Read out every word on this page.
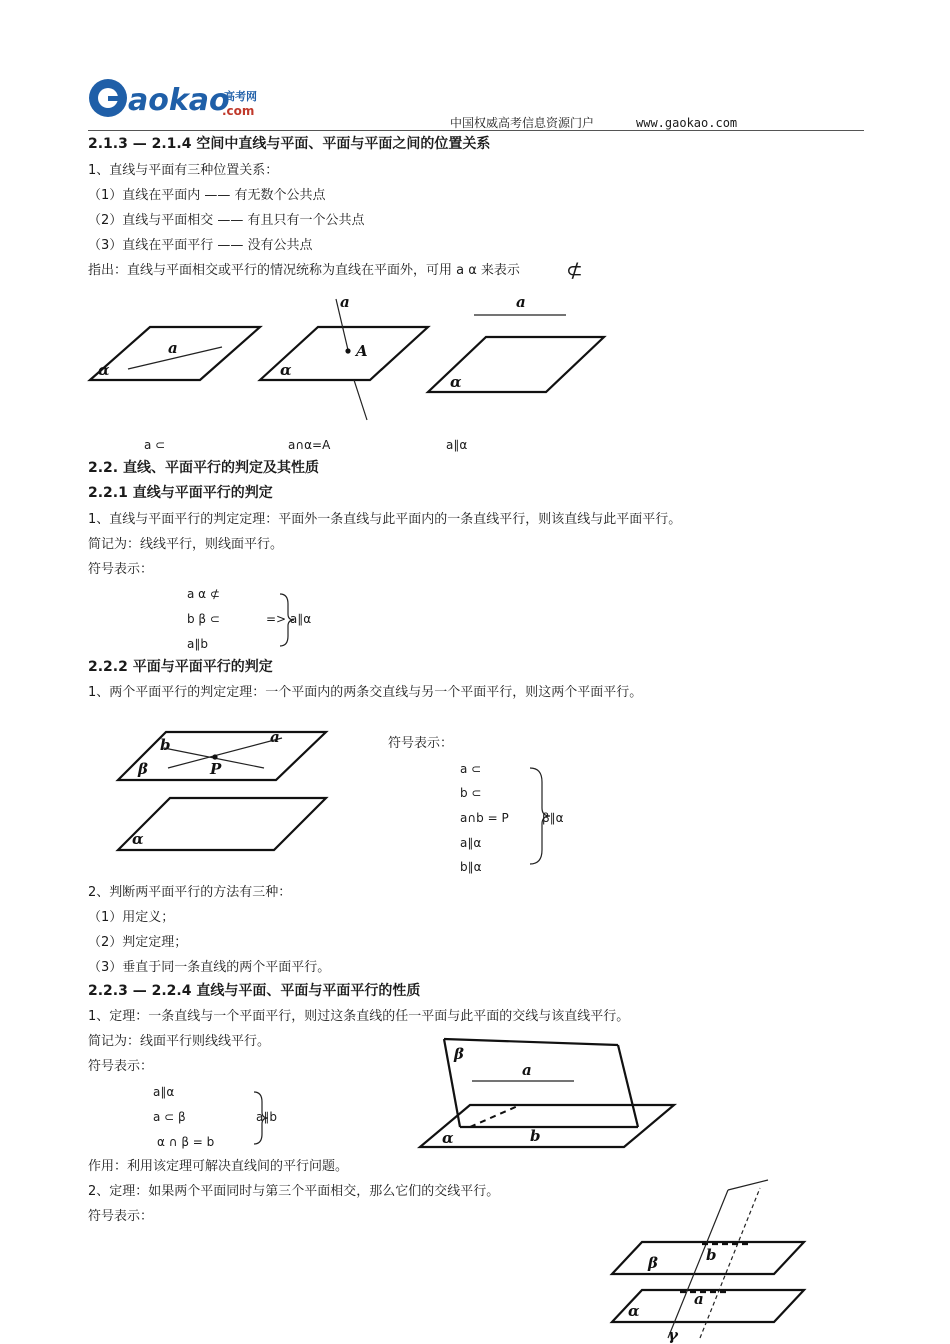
aokao
高考网
.com
中国权威高考信息资源门户	www.gaokao.com
2.1.3 — 2.1.4 空间中直线与平面、平面与平面之间的位置关系
1、直线与平面有三种位置关系：
（1）直线在平面内 —— 有无数个公共点
（2）直线与平面相交 —— 有且只有一个公共点
（3）直线在平面平行 —— 没有公共点
指出：直线与平面相交或平行的情况统称为直线在平面外，可用 a α 来表示 ⊄
a
α
a
A
α
a
α
a ⊂	a∩α=A	a∥α
2.2. 直线、平面平行的判定及其性质
2.2.1 直线与平面平行的判定
1、直线与平面平行的判定定理：平面外一条直线与此平面内的一条直线平行，则该直线与此平面平行。
简记为：线线平行，则线面平行。
符号表示：
a α ⊄
b β ⊂
a∥b
=> a∥α
2.2.2 平面与平面平行的判定
1、两个平面平行的判定定理：一个平面内的两条交直线与另一个平面平行，则这两个平面平行。
b	a
P
β
α
符号表示：
a ⊂
b ⊂
a∩b = P
a∥α
b∥α
β∥α
2、判断两平面平行的方法有三种：
（1）用定义；
（2）判定定理；
（3）垂直于同一条直线的两个平面平行。
2.2.3 — 2.2.4 直线与平面、平面与平面平行的性质
1、定理：一条直线与一个平面平行，则过这条直线的任一平面与此平面的交线与该直线平行。
简记为：线面平行则线线平行。
符号表示：
a∥α
a ⊂ β
α ∩ β = b
a∥b
β
a
α	b
作用：利用该定理可解决直线间的平行问题。
2、定理：如果两个平面同时与第三个平面相交，那么它们的交线平行。
符号表示：
β	b
α
a
γ
